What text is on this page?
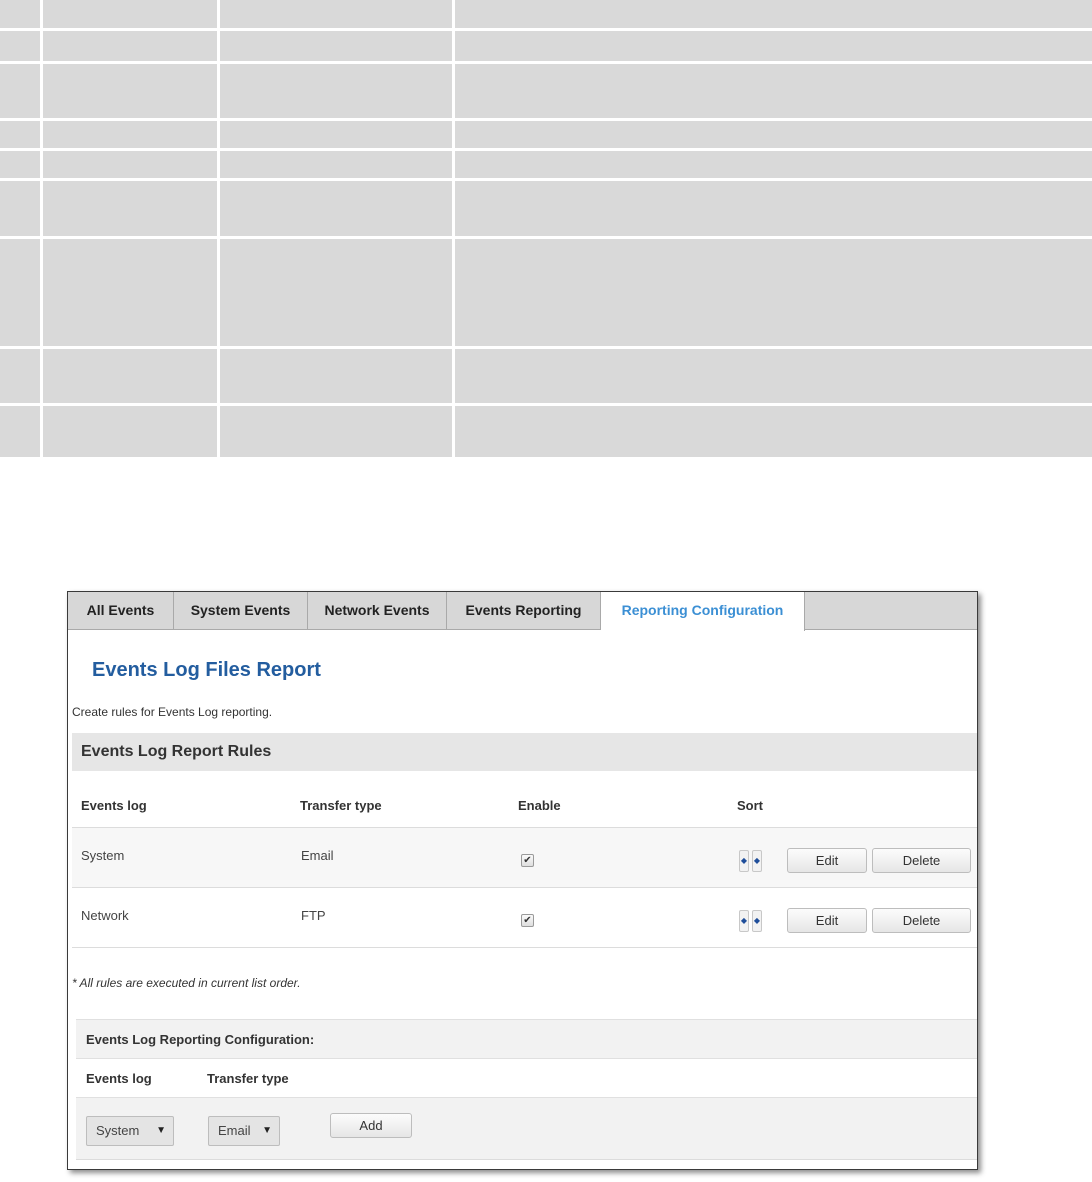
All Events	System Events	Network Events	Events Reporting	Reporting Configuration
Events Log Files Report
Create rules for Events Log reporting.
Events Log Report Rules
Events log	Transfer type	Enable	Sort
System	Email	✔	◆ ◆	Edit	Delete
Network	FTP	✔	◆ ◆	Edit	Delete
* All rules are executed in current list order.
Events Log Reporting Configuration:
Events log	Transfer type
System ▼	Email ▼	Add
